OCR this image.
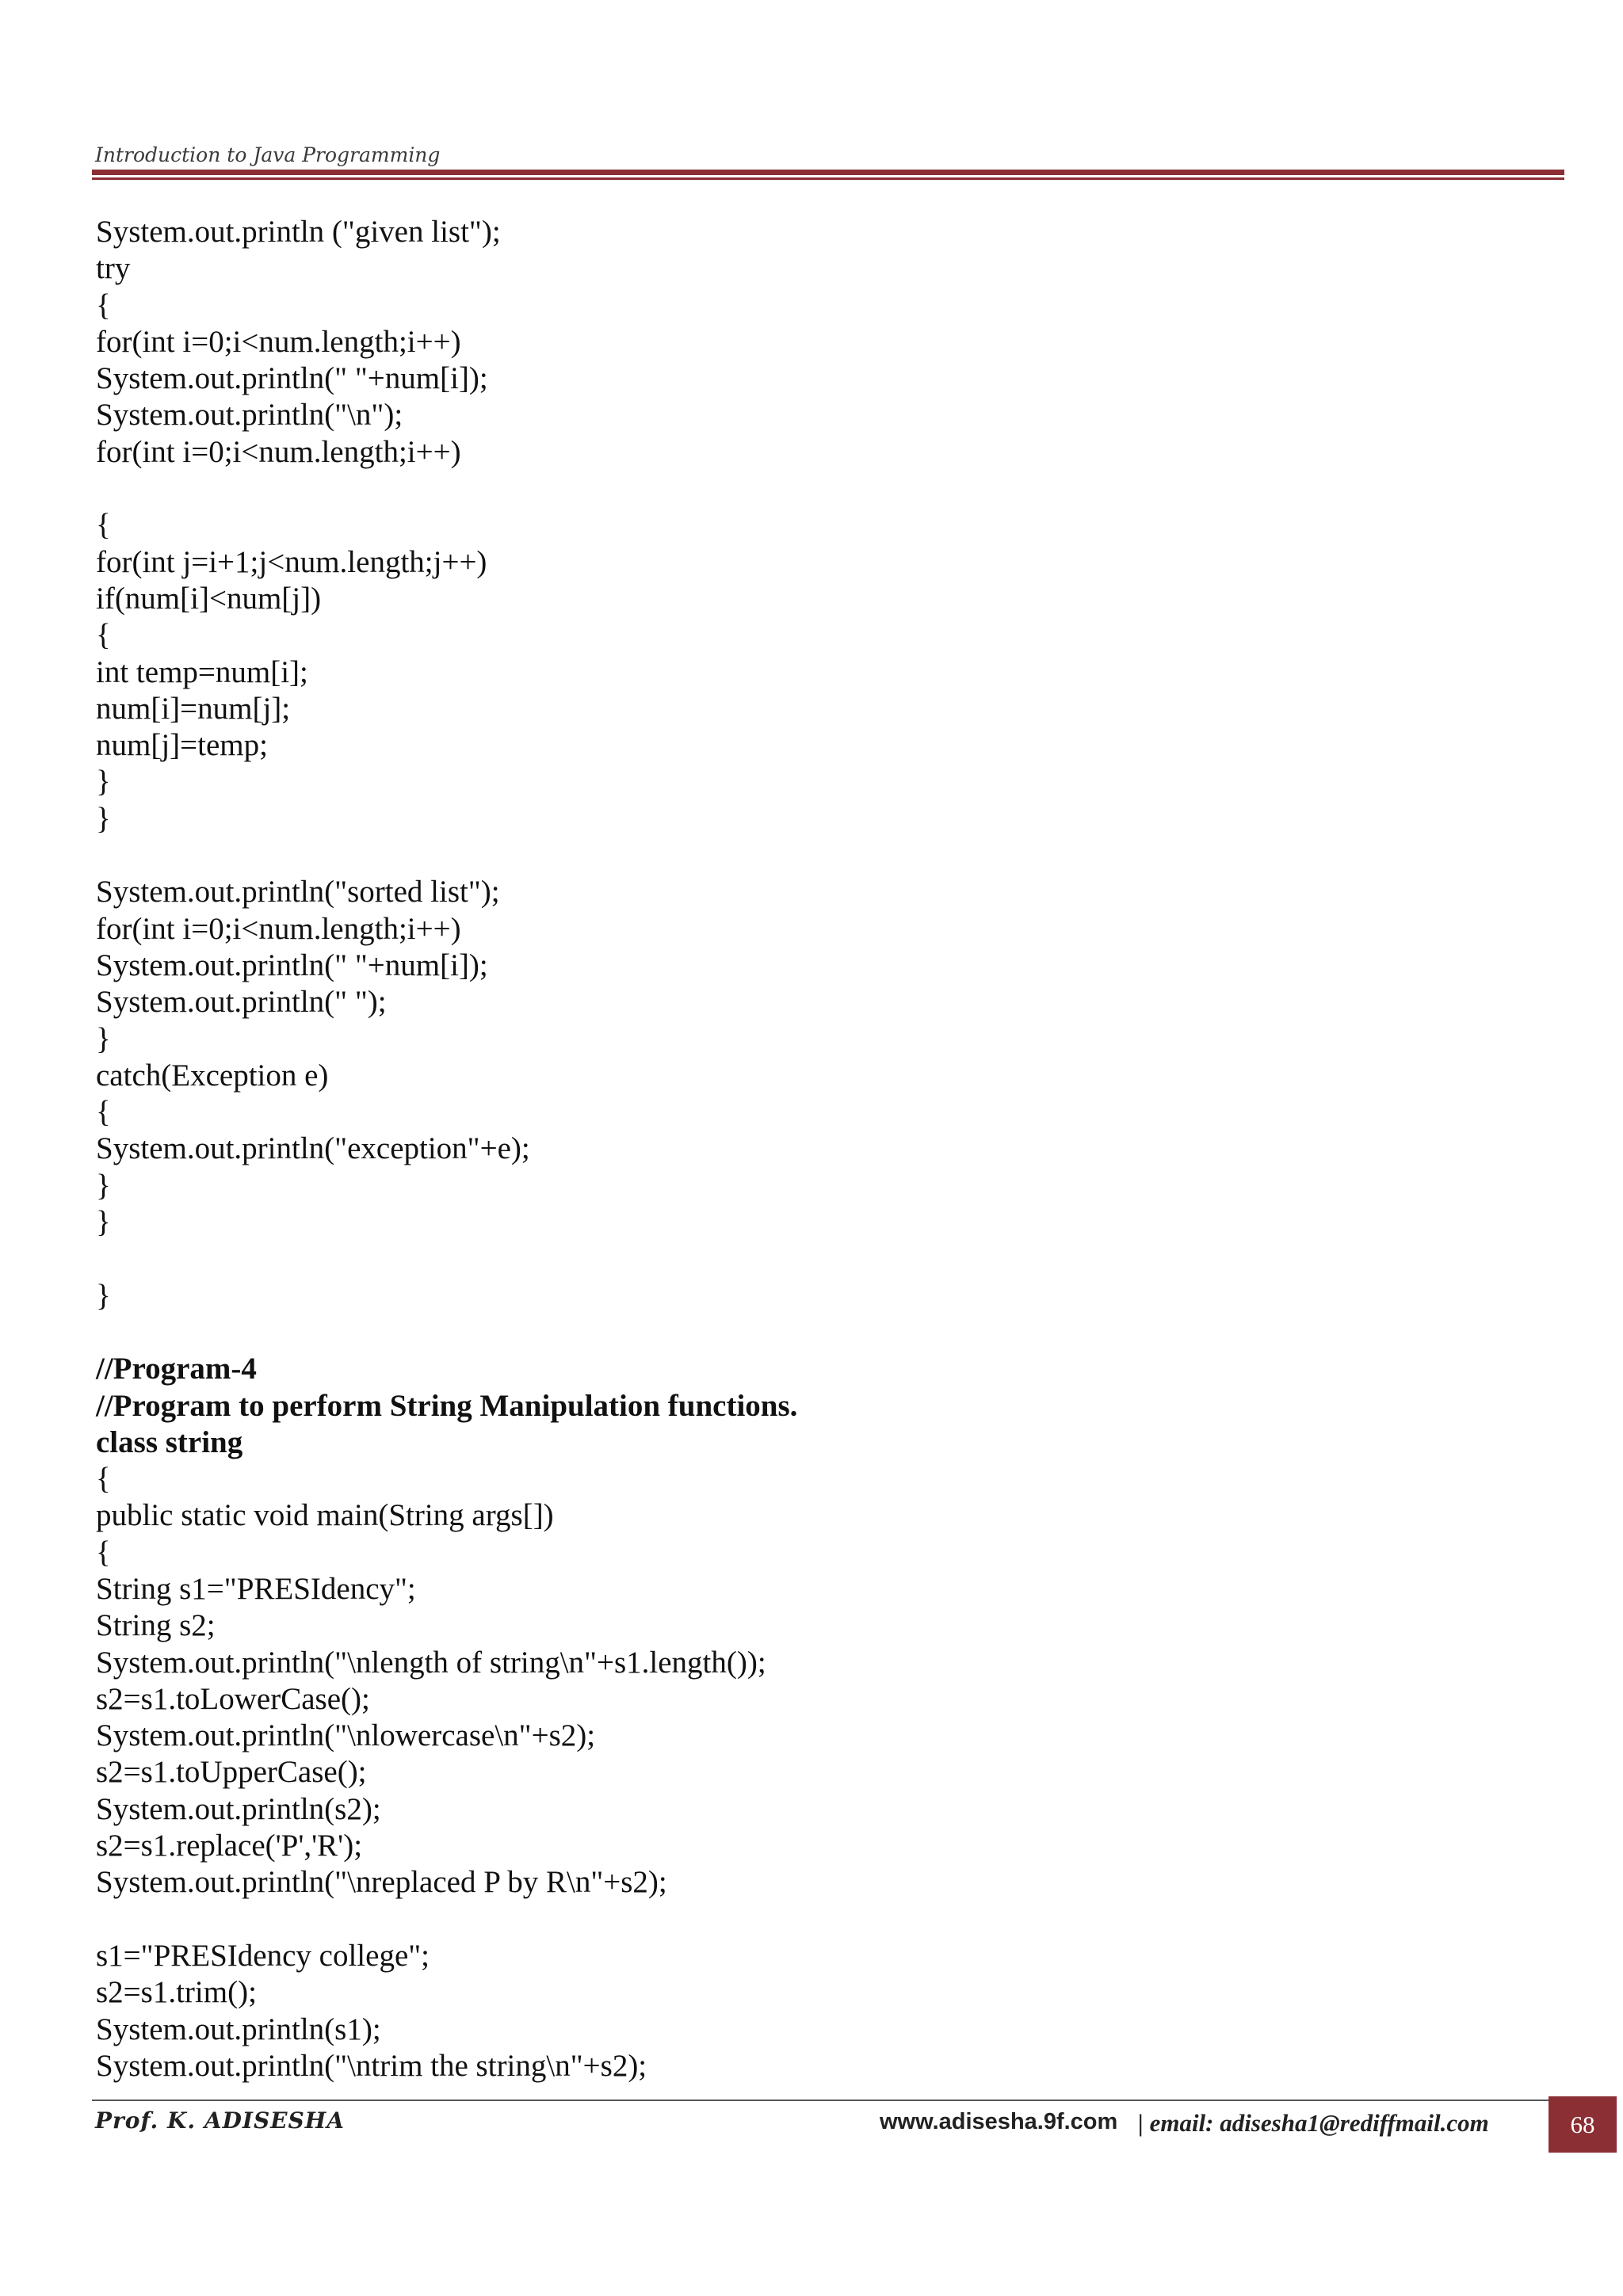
Introduction to Java Programming
System.out.println ("given list");
try
{
for(int i=0;i<num.length;i++)
System.out.println(" "+num[i]);
System.out.println("\n");
for(int i=0;i<num.length;i++)
{
for(int j=i+1;j<num.length;j++)
if(num[i]<num[j])
{
int temp=num[i];
num[i]=num[j];
num[j]=temp;
}
}
System.out.println("sorted list");
for(int i=0;i<num.length;i++)
System.out.println(" "+num[i]);
System.out.println(" ");
}
catch(Exception e)
{
System.out.println("exception"+e);
}
}
}
//Program-4
//Program to perform String Manipulation functions.
class string
{
public static void main(String args[])
{
String s1="PRESIdency";
String s2;
System.out.println("\nlength of string\n"+s1.length());
s2=s1.toLowerCase();
System.out.println("\nlowercase\n"+s2);
s2=s1.toUpperCase();
System.out.println(s2);
s2=s1.replace('P','R');
System.out.println("\nreplaced P by R\n"+s2);
s1="PRESIdency college";
s2=s1.trim();
System.out.println(s1);
System.out.println("\ntrim the string\n"+s2);
Prof. K. ADISESHA	www.adisesha.9f.com | email: adisesha1@rediffmail.com	68
